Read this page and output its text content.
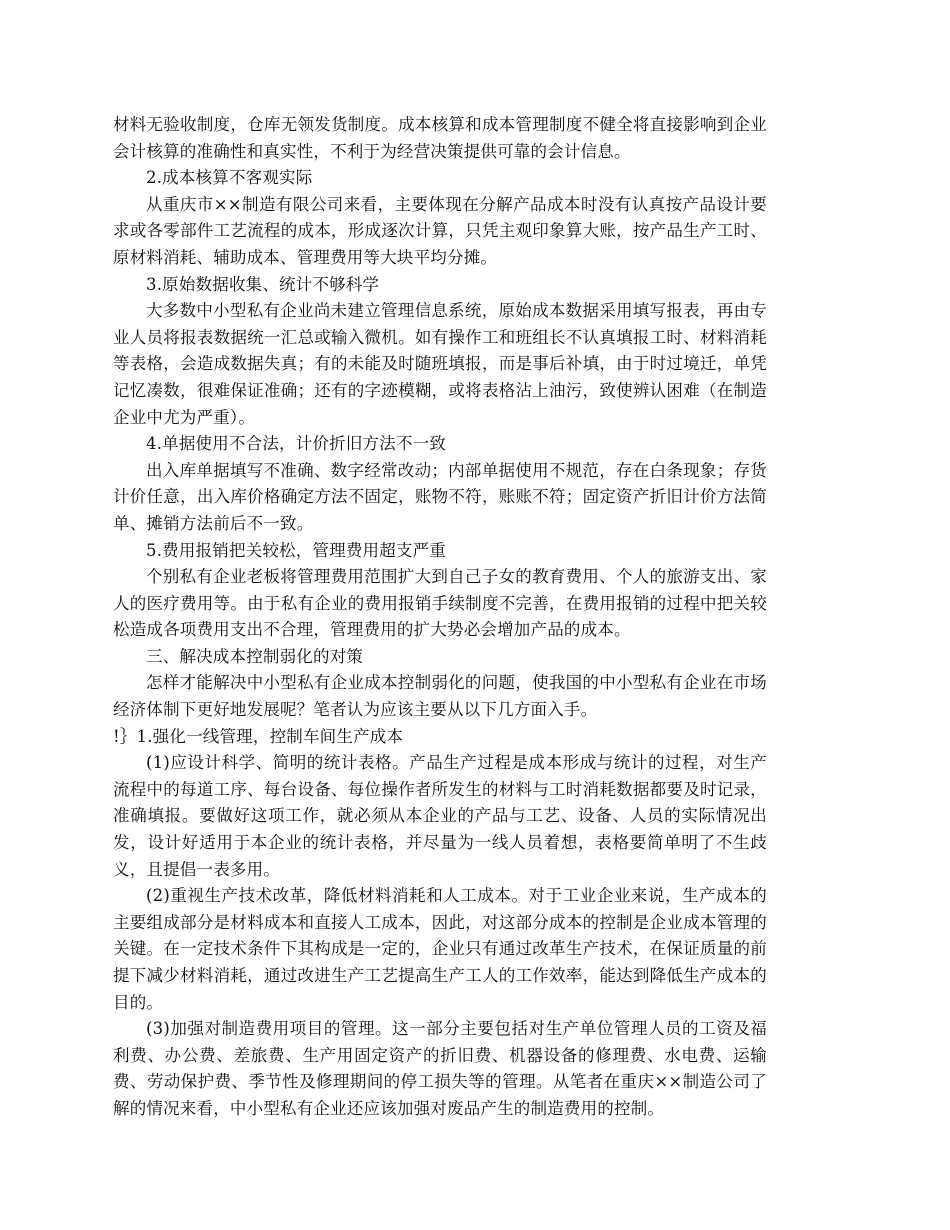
材料无验收制度，仓库无领发货制度。成本核算和成本管理制度不健全将直接影响到企业会计核算的准确性和真实性，不利于为经营决策提供可靠的会计信息。

2.成本核算不客观实际

从重庆市××制造有限公司来看，主要体现在分解产品成本时没有认真按产品设计要求或各零部件工艺流程的成本，形成逐次计算，只凭主观印象算大账，按产品生产工时、原材料消耗、辅助成本、管理费用等大块平均分摊。

3.原始数据收集、统计不够科学

大多数中小型私有企业尚未建立管理信息系统，原始成本数据采用填写报表，再由专业人员将报表数据统一汇总或输入微机。如有操作工和班组长不认真填报工时、材料消耗等表格，会造成数据失真；有的未能及时随班填报，而是事后补填，由于时过境迁，单凭记忆凑数，很难保证准确；还有的字迹模糊，或将表格沾上油污，致使辨认困难（在制造企业中尤为严重）。

4.单据使用不合法，计价折旧方法不一致

出入库单据填写不准确、数字经常改动；内部单据使用不规范，存在白条现象；存货计价任意，出入库价格确定方法不固定，账物不符，账账不符；固定资产折旧计价方法简单、摊销方法前后不一致。

5.费用报销把关较松，管理费用超支严重

个别私有企业老板将管理费用范围扩大到自己子女的教育费用、个人的旅游支出、家人的医疗费用等。由于私有企业的费用报销手续制度不完善，在费用报销的过程中把关较松造成各项费用支出不合理，管理费用的扩大势必会增加产品的成本。

三、解决成本控制弱化的对策

怎样才能解决中小型私有企业成本控制弱化的问题，使我国的中小型私有企业在市场经济体制下更好地发展呢？笔者认为应该主要从以下几方面入手。

!｝1.强化一线管理，控制车间生产成本

(1)应设计科学、简明的统计表格。产品生产过程是成本形成与统计的过程，对生产流程中的每道工序、每台设备、每位操作者所发生的材料与工时消耗数据都要及时记录，准确填报。要做好这项工作，就必须从本企业的产品与工艺、设备、人员的实际情况出发，设计好适用于本企业的统计表格，并尽量为一线人员着想，表格要简单明了不生歧义，且提倡一表多用。

(2)重视生产技术改革，降低材料消耗和人工成本。对于工业企业来说，生产成本的主要组成部分是材料成本和直接人工成本，因此，对这部分成本的控制是企业成本管理的关键。在一定技术条件下其构成是一定的，企业只有通过改革生产技术，在保证质量的前提下减少材料消耗，通过改进生产工艺提高生产工人的工作效率，能达到降低生产成本的目的。

(3)加强对制造费用项目的管理。这一部分主要包括对生产单位管理人员的工资及福利费、办公费、差旅费、生产用固定资产的折旧费、机器设备的修理费、水电费、运输费、劳动保护费、季节性及修理期间的停工损失等的管理。从笔者在重庆××制造公司了解的情况来看，中小型私有企业还应该加强对废品产生的制造费用的控制。
